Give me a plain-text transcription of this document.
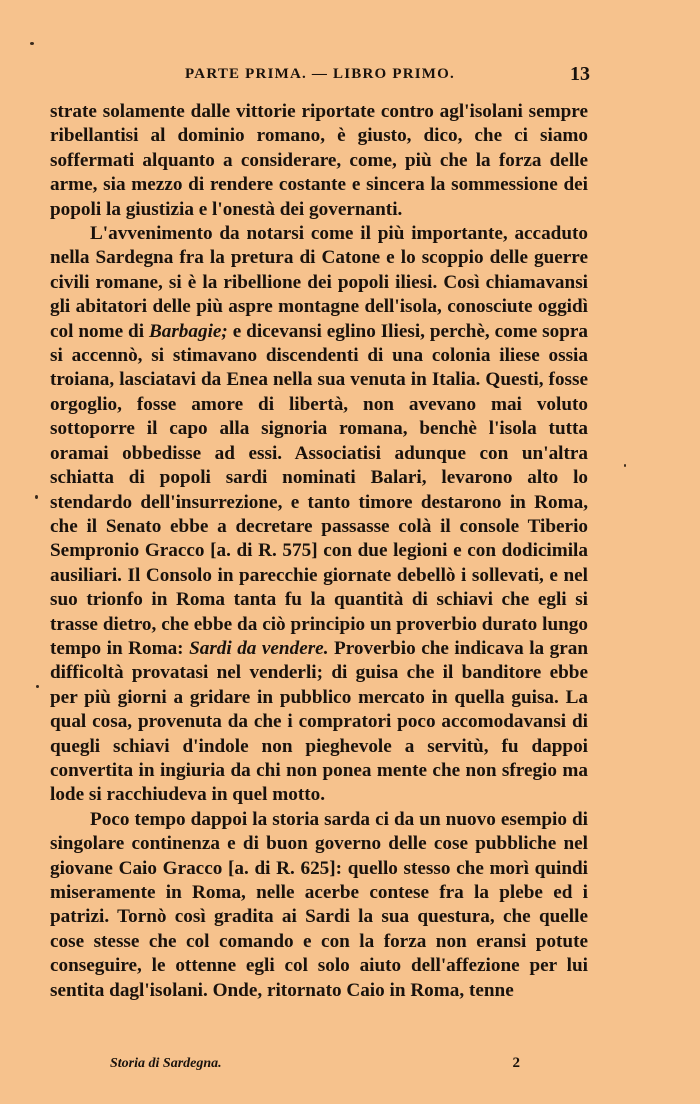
PARTE PRIMA. — LIBRO PRIMO.	13

strate solamente dalle vittorie riportate contro agl'isolani sempre ribellantisi al dominio romano, è giusto, dico, che ci siamo soffermati alquanto a considerare, come, più che la forza delle arme, sia mezzo di rendere costante e sincera la sommessione dei popoli la giustizia e l'onestà dei governanti.

L'avvenimento da notarsi come il più importante, accaduto nella Sardegna fra la pretura di Catone e lo scoppio delle guerre civili romane, si è la ribellione dei popoli iliesi. Così chiamavansi gli abitatori delle più aspre montagne dell'isola, conosciute oggidì col nome di Barbagie; e dicevansi eglino Iliesi, perchè, come sopra si accennò, si stimavano discendenti di una colonia iliese ossia troiana, lasciatavi da Enea nella sua venuta in Italia. Questi, fosse orgoglio, fosse amore di libertà, non avevano mai voluto sottoporre il capo alla signoria romana, benchè l'isola tutta oramai obbedisse ad essi. Associatisi adunque con un'altra schiatta di popoli sardi nominati Balari, levarono alto lo stendardo dell'insurrezione, e tanto timore destarono in Roma, che il Senato ebbe a decretare passasse colà il console Tiberio Sempronio Gracco [a. di R. 575] con due legioni e con dodicimila ausiliari. Il Consolo in parecchie giornate debellò i sollevati, e nel suo trionfo in Roma tanta fu la quantità di schiavi che egli si trasse dietro, che ebbe da ciò principio un proverbio durato lungo tempo in Roma: Sardi da vendere. Proverbio che indicava la gran difficoltà provatasi nel venderli; di guisa che il banditore ebbe per più giorni a gridare in pubblico mercato in quella guisa. La qual cosa, provenuta da che i compratori poco accomodavansi di quegli schiavi d'indole non pieghevole a servitù, fu dappoi convertita in ingiuria da chi non ponea mente che non sfregio ma lode si racchiudeva in quel motto.

Poco tempo dappoi la storia sarda ci da un nuovo esempio di singolare continenza e di buon governo delle cose pubbliche nel giovane Caio Gracco [a. di R. 625]: quello stesso che morì quindi miseramente in Roma, nelle acerbe contese fra la plebe ed i patrizi. Tornò così gradita ai Sardi la sua questura, che quelle cose stesse che col comando e con la forza non eransi potute conseguire, le ottenne egli col solo aiuto dell'affezione per lui sentita dagl'isolani. Onde, ritornato Caio in Roma, tenne

Storia di Sardegna.	2
